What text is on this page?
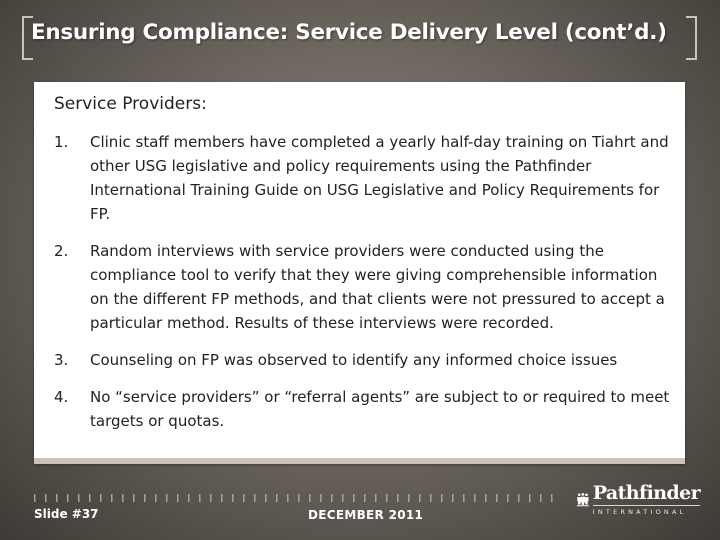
Ensuring Compliance: Service Delivery Level (cont’d.)
Service Providers:
1.	Clinic staff members have completed a yearly half-day training on Tiahrt and other USG legislative and policy requirements using the Pathfinder International Training Guide on USG Legislative and Policy Requirements for FP.
2.	Random interviews with service providers were conducted using the compliance tool to verify that they were giving comprehensible information on the different FP methods, and that clients were not pressured to accept a particular method. Results of these interviews were recorded.
3.	Counseling on FP was observed to identify any informed choice issues
4.	No “service providers” or “referral agents” are subject to or required to meet targets or quotas.
Slide #37	DECEMBER 2011
Pathfinder
INTERNATIONAL
